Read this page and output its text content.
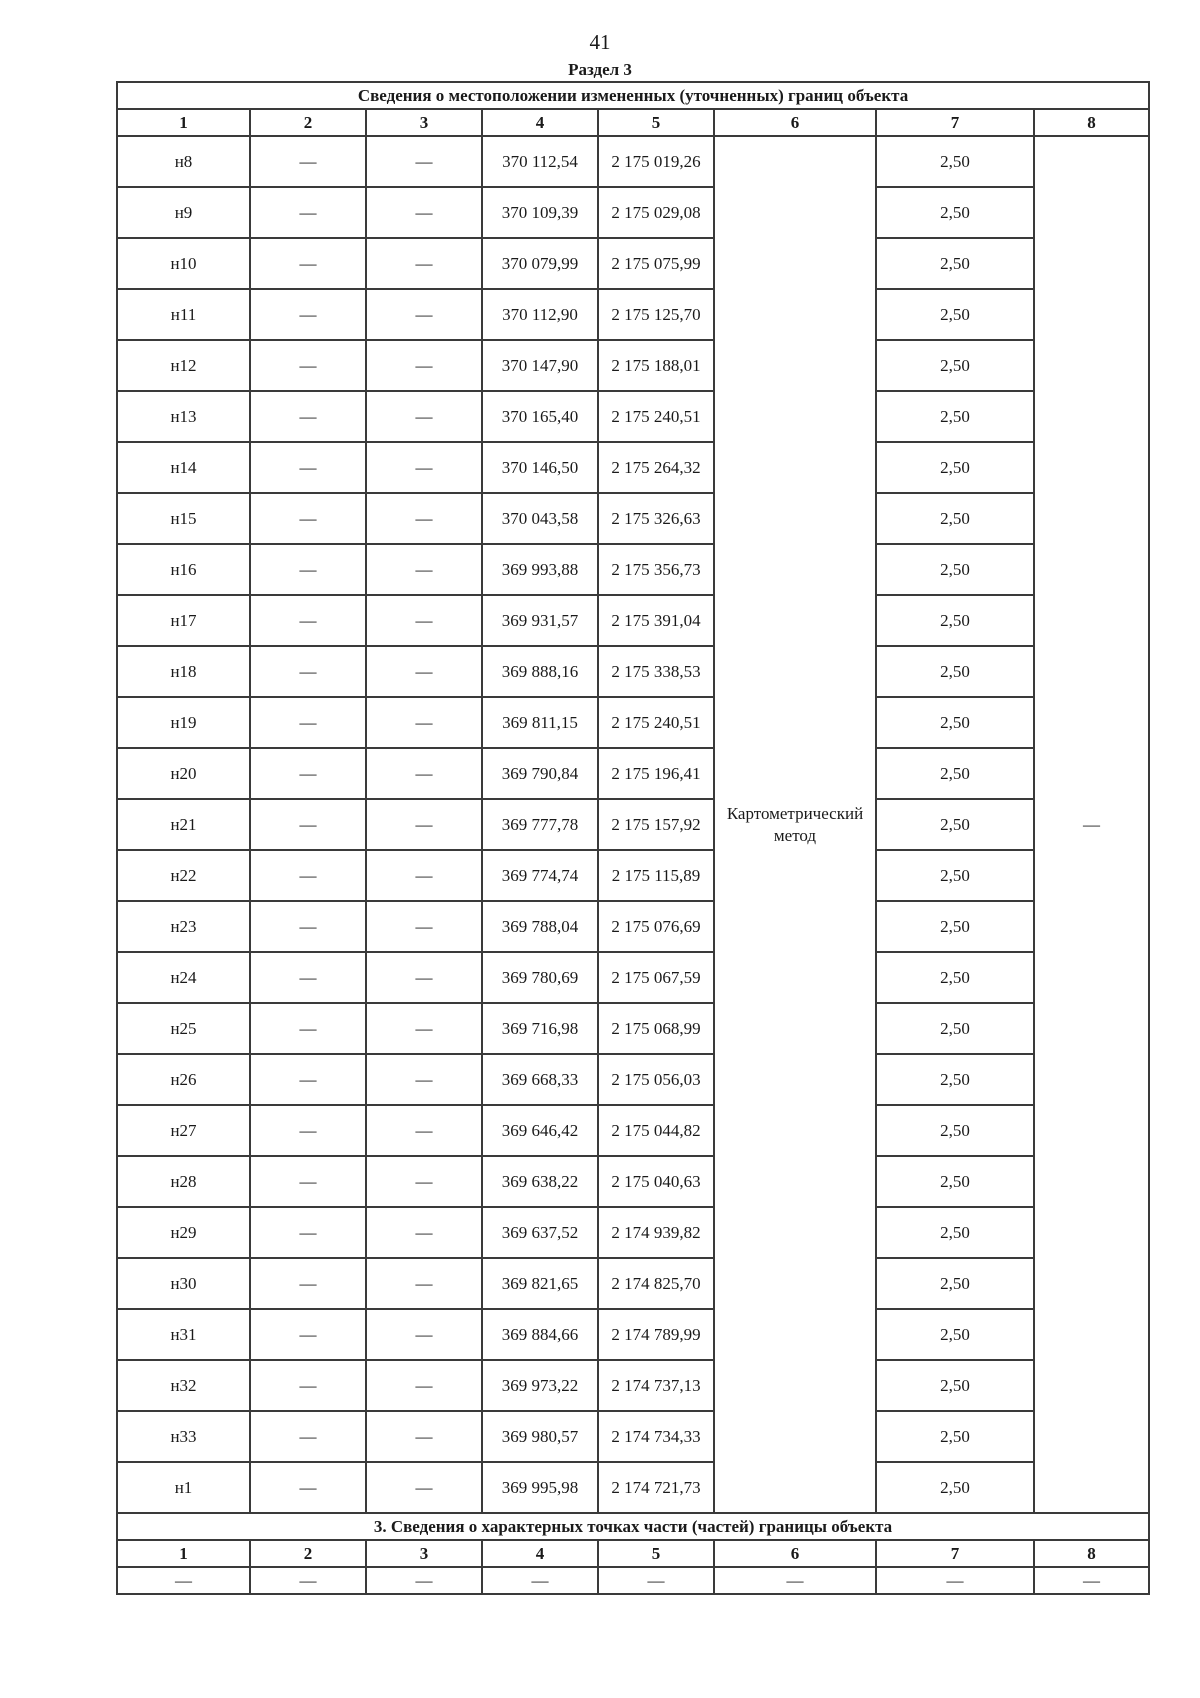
41
Раздел 3
Сведения о местоположении измененных (уточненных) границ объекта							
1	2	3	4	5	6	7	8
н8	—	—	370 112,54	2 175 019,26	Картометрический метод	2,50	—
н9	—	—	370 109,39	2 175 029,08		2,50	
н10	—	—	370 079,99	2 175 075,99		2,50	
н11	—	—	370 112,90	2 175 125,70		2,50	
н12	—	—	370 147,90	2 175 188,01		2,50	
н13	—	—	370 165,40	2 175 240,51		2,50	
н14	—	—	370 146,50	2 175 264,32		2,50	
н15	—	—	370 043,58	2 175 326,63		2,50	
н16	—	—	369 993,88	2 175 356,73		2,50	
н17	—	—	369 931,57	2 175 391,04		2,50	
н18	—	—	369 888,16	2 175 338,53		2,50	
н19	—	—	369 811,15	2 175 240,51		2,50	
н20	—	—	369 790,84	2 175 196,41		2,50	
н21	—	—	369 777,78	2 175 157,92		2,50	
н22	—	—	369 774,74	2 175 115,89		2,50	
н23	—	—	369 788,04	2 175 076,69		2,50	
н24	—	—	369 780,69	2 175 067,59		2,50	
н25	—	—	369 716,98	2 175 068,99		2,50	
н26	—	—	369 668,33	2 175 056,03		2,50	
н27	—	—	369 646,42	2 175 044,82		2,50	
н28	—	—	369 638,22	2 175 040,63		2,50	
н29	—	—	369 637,52	2 174 939,82		2,50	
н30	—	—	369 821,65	2 174 825,70		2,50	
н31	—	—	369 884,66	2 174 789,99		2,50	
н32	—	—	369 973,22	2 174 737,13		2,50	
н33	—	—	369 980,57	2 174 734,33		2,50	
н1	—	—	369 995,98	2 174 721,73		2,50	
3. Сведения о характерных точках части (частей) границы объекта							
1	2	3	4	5	6	7	8
—	—	—	—	—	—	—	—
